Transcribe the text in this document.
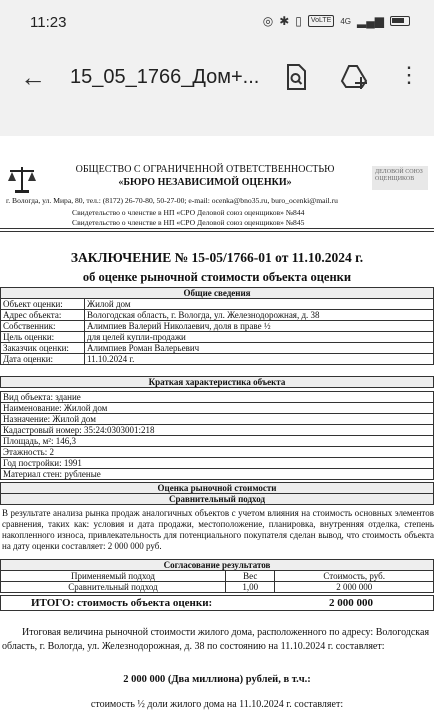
11:23	◎ ✱ ▯	VoLTE	4G ▂▄▆
← 15_05_1766_Дом+...	⋮
ОБЩЕСТВО С ОГРАНИЧЕННОЙ ОТВЕТСТВЕННОСТЬЮ
«БЮРО НЕЗАВИСИМОЙ ОЦЕНКИ»
ДЕЛОВОЙ СОЮЗ ОЦЕНЩИКОВ
г. Вологда, ул. Мира, 80, тел.: (8172) 26-70-80, 50-27-00; e-mail: ocenka@bno35.ru, buro_ocenki@mail.ru
Свидетельство о членстве в НП «СРО Деловой союз оценщиков» №844
Свидетельство о членстве в НП «СРО Деловой союз оценщиков» №845
ЗАКЛЮЧЕНИЕ № 15-05/1766-01 от 11.10.2024 г.
об оценке рыночной стоимости объекта оценки
Общие сведения	
Объект оценки:	Жилой дом
Адрес объекта:	Вологодская область, г. Вологда, ул. Железнодорожная, д. 38
Собственник:	Алимпиев Валерий Николаевич, доля в праве ½
Цель оценки:	для целей купли-продажи
Заказчик оценки:	Алимпиев Роман Валерьевич
Дата оценки:	11.10.2024 г.
Краткая характеристика объекта

Вид объекта: здание
Наименование: Жилой дом
Назначение: Жилой дом
Кадастровый номер: 35:24:0303001:218
Площадь, м²: 146,3
Этажность: 2
Год постройки: 1991
Материал стен: рубленые
Оценка рыночной стоимости
Сравнительный подход
В результате анализа рынка продаж аналогичных объектов с учетом влияния на стоимость основных элементов сравнения, таких как: условия и дата продажи, местоположение, планировка, внутренняя отделка, степень накопленного износа, привлекательность для потенциального покупателя сделан вывод, что стоимость объекта на дату оценки составляет: 2 000 000 руб.
Согласование результатов		
Применяемый подход	Вес	Стоимость, руб.
Сравнительный подход	1,00	2 000 000
ИТОГО: стоимость объекта оценки:	2 000 000
Итоговая величина рыночной стоимости жилого дома, расположенного по адресу: Вологодская область, г. Вологда, ул. Железнодорожная, д. 38 по состоянию на 11.10.2024 г. составляет:
2 000 000 (Два миллиона) рублей, в т.ч.:
стоимость ½ доли жилого дома на 11.10.2024 г. составляет:
